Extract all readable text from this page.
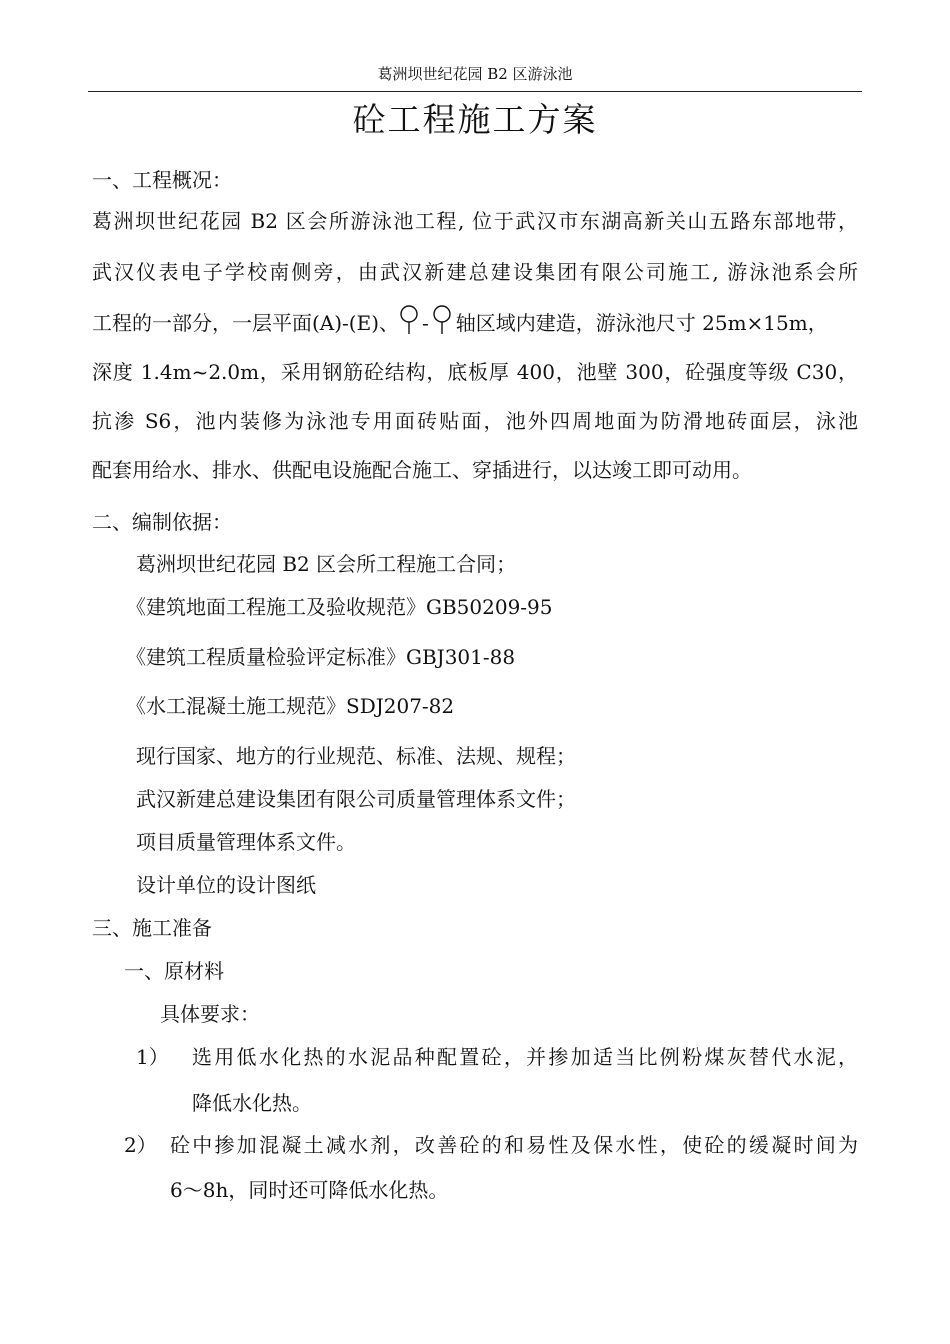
葛洲坝世纪花园 B2 区游泳池
砼工程施工方案
一、工程概况：
葛洲坝世纪花园 B2 区会所游泳池工程, 位于武汉市东湖高新关山五路东部地带，
武汉仪表电子学校南侧旁，由武汉新建总建设集团有限公司施工, 游泳池系会所
工程的一部分，一层平面(A)-(E)、 - 轴区域内建造，游泳池尺寸 25m×15m，
深度 1.4m~2.0m，采用钢筋砼结构，底板厚 400，池壁 300，砼强度等级 C30，
抗渗 S6，池内装修为泳池专用面砖贴面，池外四周地面为防滑地砖面层，泳池
配套用给水、排水、供配电设施配合施工、穿插进行，以达竣工即可动用。
二、编制依据：
葛洲坝世纪花园 B2 区会所工程施工合同；
《建筑地面工程施工及验收规范》GB50209-95
《建筑工程质量检验评定标准》GBJ301-88
《水工混凝土施工规范》SDJ207-82
现行国家、地方的行业规范、标准、法规、规程；
武汉新建总建设集团有限公司质量管理体系文件；
项目质量管理体系文件。
设计单位的设计图纸
三、施工准备
一、原材料
具体要求：
1） 选用低水化热的水泥品种配置砼，并掺加适当比例粉煤灰替代水泥，
降低水化热。
2） 砼中掺加混凝土减水剂，改善砼的和易性及保水性，使砼的缓凝时间为
6～8h，同时还可降低水化热。
